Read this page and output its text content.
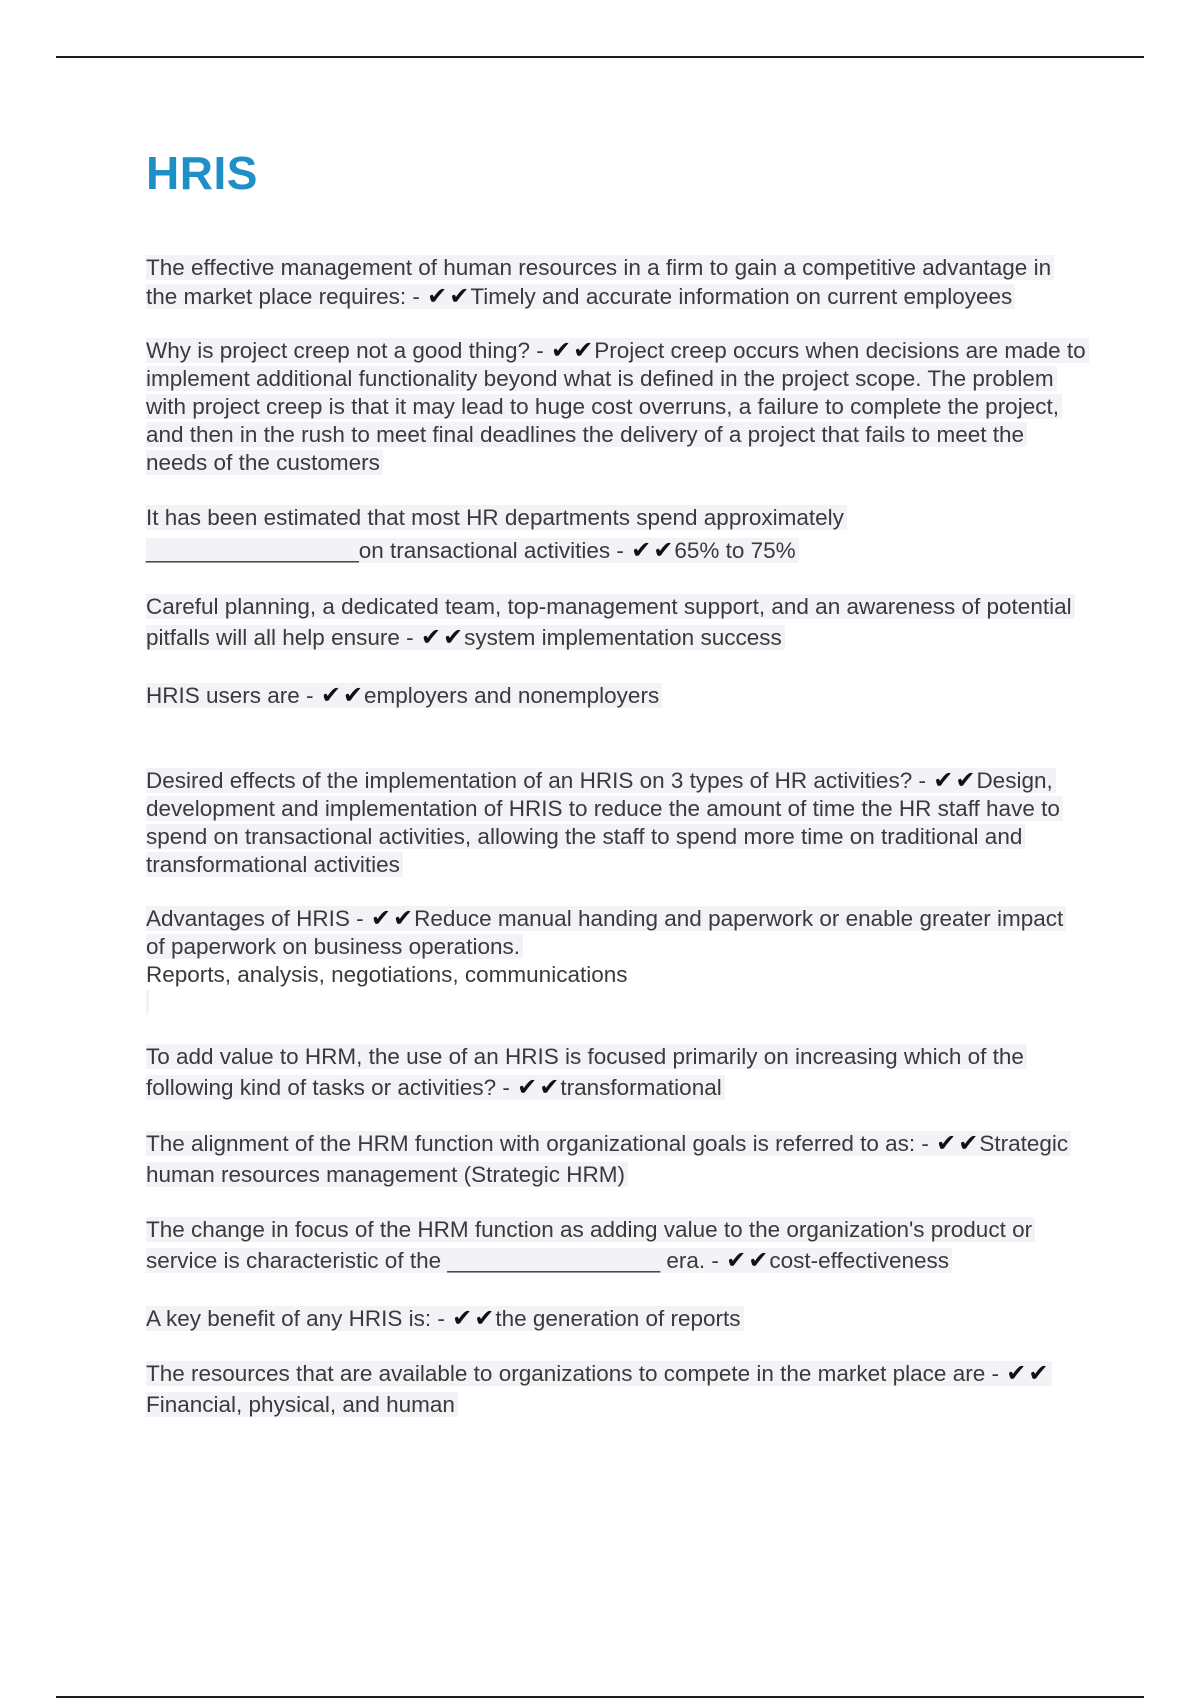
HRIS

The effective management of human resources in a firm to gain a competitive advantage in the market place requires: - ✔✔Timely and accurate information on current employees

Why is project creep not a good thing? - ✔✔Project creep occurs when decisions are made to implement additional functionality beyond what is defined in the project scope. The problem with project creep is that it may lead to huge cost overruns, a failure to complete the project, and then in the rush to meet final deadlines the delivery of a project that fails to meet the needs of the customers

It has been estimated that most HR departments spend approximately _________________on transactional activities - ✔✔65% to 75%

Careful planning, a dedicated team, top-management support, and an awareness of potential pitfalls will all help ensure - ✔✔system implementation success

HRIS users are - ✔✔employers and nonemployers

Desired effects of the implementation of an HRIS on 3 types of HR activities? - ✔✔Design, development and implementation of HRIS to reduce the amount of time the HR staff have to spend on transactional activities, allowing the staff to spend more time on traditional and transformational activities

Advantages of HRIS - ✔✔Reduce manual handing and paperwork or enable greater impact of paperwork on business operations.
Reports, analysis, negotiations, communications

To add value to HRM, the use of an HRIS is focused primarily on increasing which of the following kind of tasks or activities? - ✔✔transformational

The alignment of the HRM function with organizational goals is referred to as: - ✔✔Strategic human resources management (Strategic HRM)

The change in focus of the HRM function as adding value to the organization's product or service is characteristic of the _________________ era. - ✔✔cost-effectiveness

A key benefit of any HRIS is: - ✔✔the generation of reports

The resources that are available to organizations to compete in the market place are - ✔✔Financial, physical, and human
